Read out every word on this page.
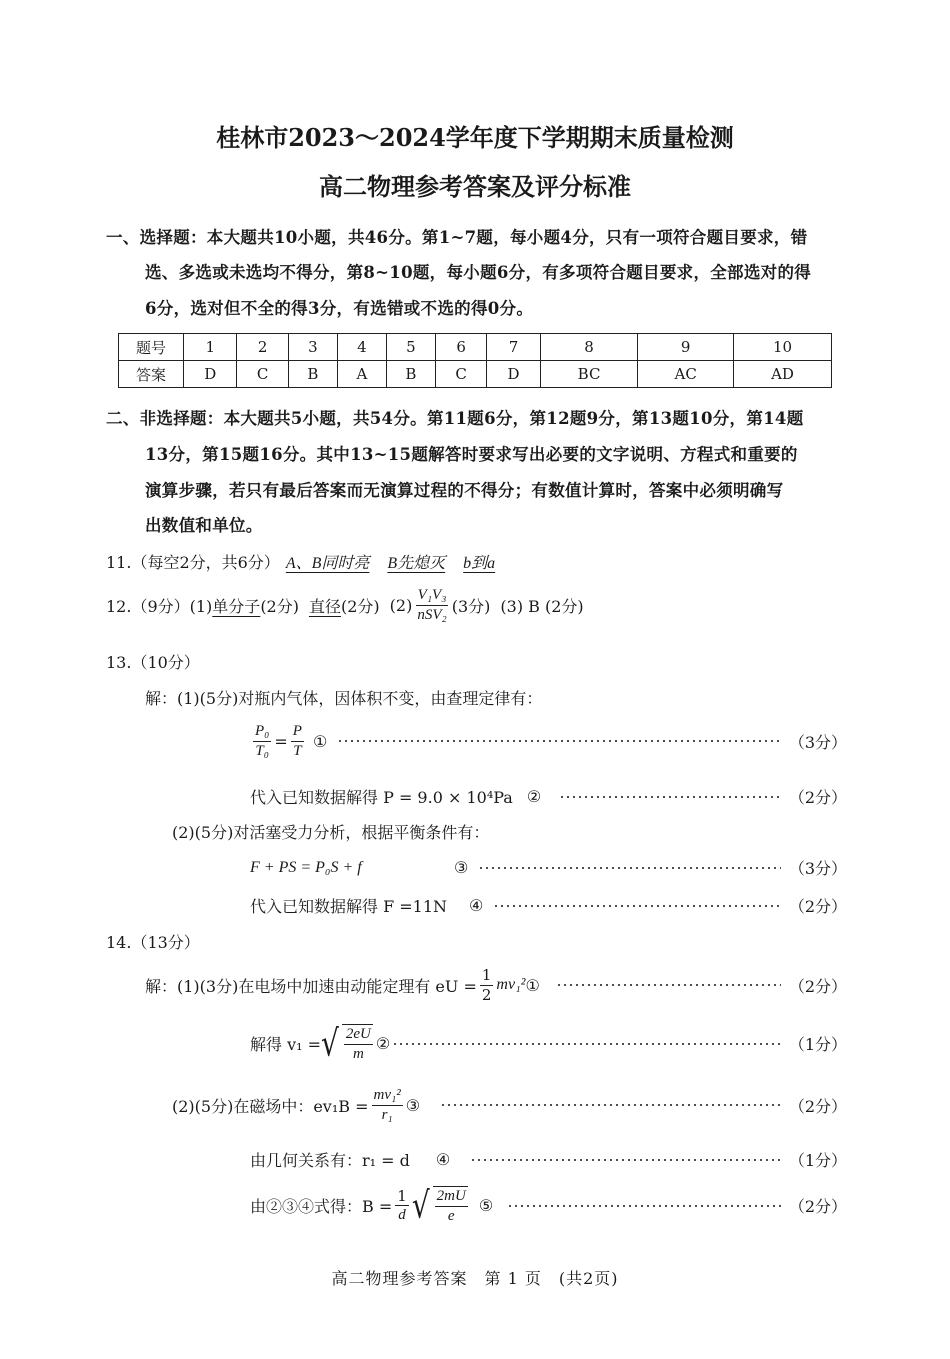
桂林市2023～2024学年度下学期期末质量检测
高二物理参考答案及评分标准
一、选择题：本大题共10小题，共46分。第1~7题，每小题4分，只有一项符合题目要求，错
选、多选或未选均不得分，第8~10题，每小题6分，有多项符合题目要求，全部选对的得
6分，选对但不全的得3分，有选错或不选的得0分。
题号	1	2	3	4	5	6	7	8	9	10
答案	D	C	B	A	B	C	D	BC	AC	AD
二、非选择题：本大题共5小题，共54分。第11题6分，第12题9分，第13题10分，第14题
13分，第15题16分。其中13~15题解答时要求写出必要的文字说明、方程式和重要的
演算步骤，若只有最后答案而无演算过程的不得分；有数值计算时，答案中必须明确写
出数值和单位。
11.（每空2分，共6分） A、B同时亮 B先熄灭 b到a
12.（9分）(1) 单分子 (2分) 直径 (2分) $(2) \frac{\text{V₁V₃}}{\text{nSV₂}} (3$分) (3) B (2分)
13.（10分）
解：(1)(5分)对瓶内气体，因体积不变，由查理定律有：
$\frac{\text{P₀}}{\text{T₀}} = \frac{P}{T}$ ①	（3分）
代入已知数据解得 P = 9.0 × 10⁴Pa ②	（2分）
(2)(5分)对活塞受力分析，根据平衡条件有：
F + PS = P₀S + f	③	（3分）
代入已知数据解得 F =11N ④	（2分）
14.（13分）
解：(1)(3分)在电场中加速由动能定理有 eU = $\frac{1}{2} mv_1^2$ ①	（2分）
解得 v₁ = √ $\frac{2eU}{m}$ ②	（1分）
(2)(5分)在磁场中：$ev_1B = \frac{\text{mv₁²}}{\text{r₁}}$ ③	（2分）
由几何关系有：r₁ = d ④	（1分）
由②③④式得：$B = \frac{1}{d}$ √ $\frac{2mU}{e}$ ⑤	（2分）
高二物理参考答案　第 1 页　(共2页)
